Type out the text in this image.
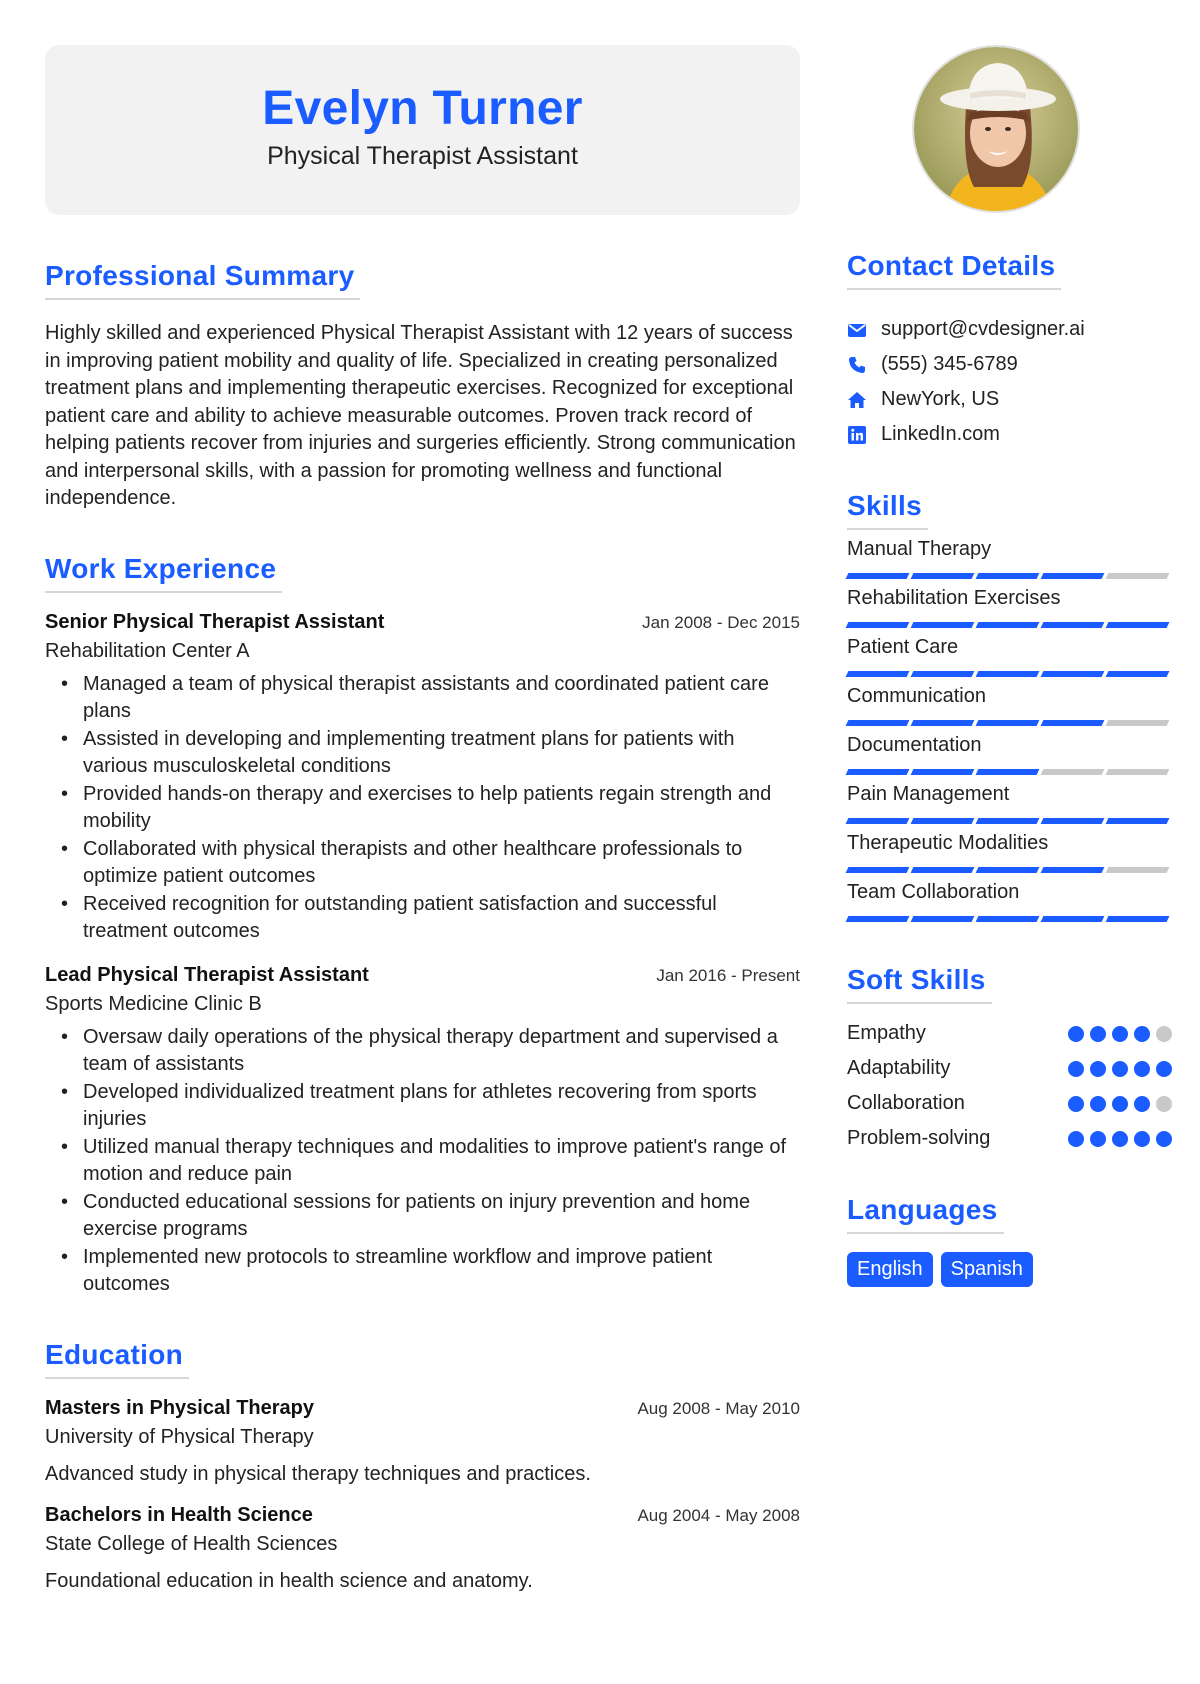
Evelyn Turner
Physical Therapist Assistant
Professional Summary

Highly skilled and experienced Physical Therapist Assistant with 12 years of success in improving patient mobility and quality of life. Specialized in creating personalized treatment plans and implementing therapeutic exercises. Recognized for exceptional patient care and ability to achieve measurable outcomes. Proven track record of helping patients recover from injuries and surgeries efficiently. Strong communication and interpersonal skills, with a passion for promoting wellness and functional independence.

Work Experience
Senior Physical Therapist Assistant	Jan 2008 - Dec 2015
Rehabilitation Center A
• Managed a team of physical therapist assistants and coordinated patient care plans
• Assisted in developing and implementing treatment plans for patients with various musculoskeletal conditions
• Provided hands-on therapy and exercises to help patients regain strength and mobility
• Collaborated with physical therapists and other healthcare professionals to optimize patient outcomes
• Received recognition for outstanding patient satisfaction and successful treatment outcomes
Lead Physical Therapist Assistant	Jan 2016 - Present
Sports Medicine Clinic B
• Oversaw daily operations of the physical therapy department and supervised a team of assistants
• Developed individualized treatment plans for athletes recovering from sports injuries
• Utilized manual therapy techniques and modalities to improve patient's range of motion and reduce pain
• Conducted educational sessions for patients on injury prevention and home exercise programs
• Implemented new protocols to streamline workflow and improve patient outcomes
Education
Masters in Physical Therapy	Aug 2008 - May 2010
University of Physical Therapy
Advanced study in physical therapy techniques and practices.
Bachelors in Health Science	Aug 2004 - May 2008
State College of Health Sciences
Foundational education in health science and anatomy.
Contact Details
support@cvdesigner.ai
(555) 345-6789
NewYork, US
LinkedIn.com
Skills
Manual Therapy
Rehabilitation Exercises
Patient Care
Communication
Documentation
Pain Management
Therapeutic Modalities
Team Collaboration
Soft Skills
Empathy
Adaptability
Collaboration
Problem-solving
Languages
English	Spanish
